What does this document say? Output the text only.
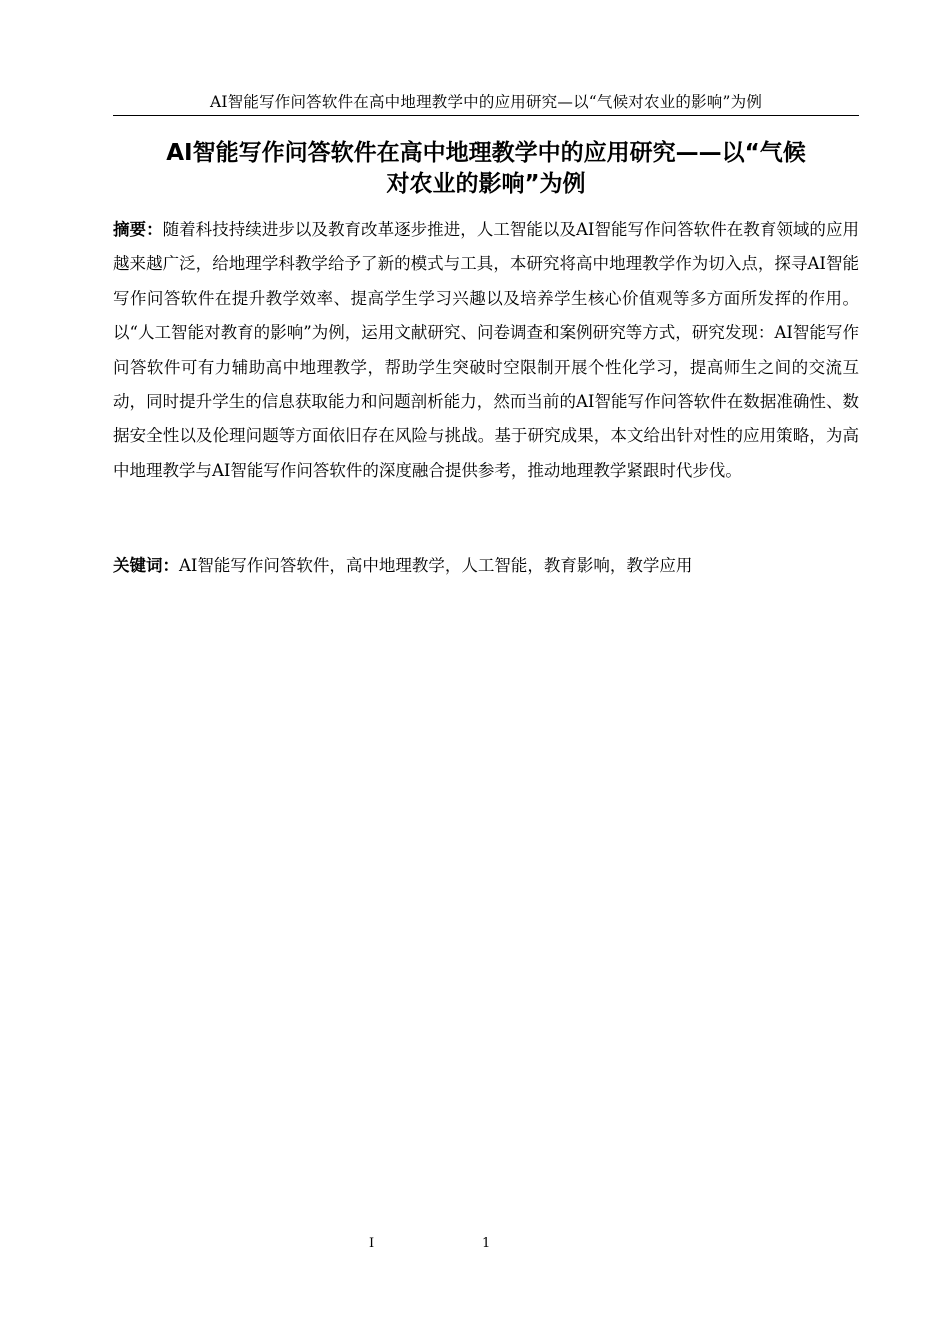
AI智能写作问答软件在高中地理教学中的应用研究—以“气候对农业的影响”为例
AI智能写作问答软件在高中地理教学中的应用研究——以“气候
对农业的影响”为例

摘要：随着科技持续进步以及教育改革逐步推进，人工智能以及AI智能写作问答软件在教育领域的应用越来越广泛，给地理学科教学给予了新的模式与工具，本研究将高中地理教学作为切入点，探寻AI智能写作问答软件在提升教学效率、提高学生学习兴趣以及培养学生核心价值观等多方面所发挥的作用。以“人工智能对教育的影响”为例，运用文献研究、问卷调查和案例研究等方式，研究发现：AI智能写作问答软件可有力辅助高中地理教学，帮助学生突破时空限制开展个性化学习，提高师生之间的交流互动，同时提升学生的信息获取能力和问题剖析能力，然而当前的AI智能写作问答软件在数据准确性、数据安全性以及伦理问题等方面依旧存在风险与挑战。基于研究成果，本文给出针对性的应用策略，为高中地理教学与AI智能写作问答软件的深度融合提供参考，推动地理教学紧跟时代步伐。

关键词：AI智能写作问答软件，高中地理教学，人工智能，教育影响，教学应用

I	1
